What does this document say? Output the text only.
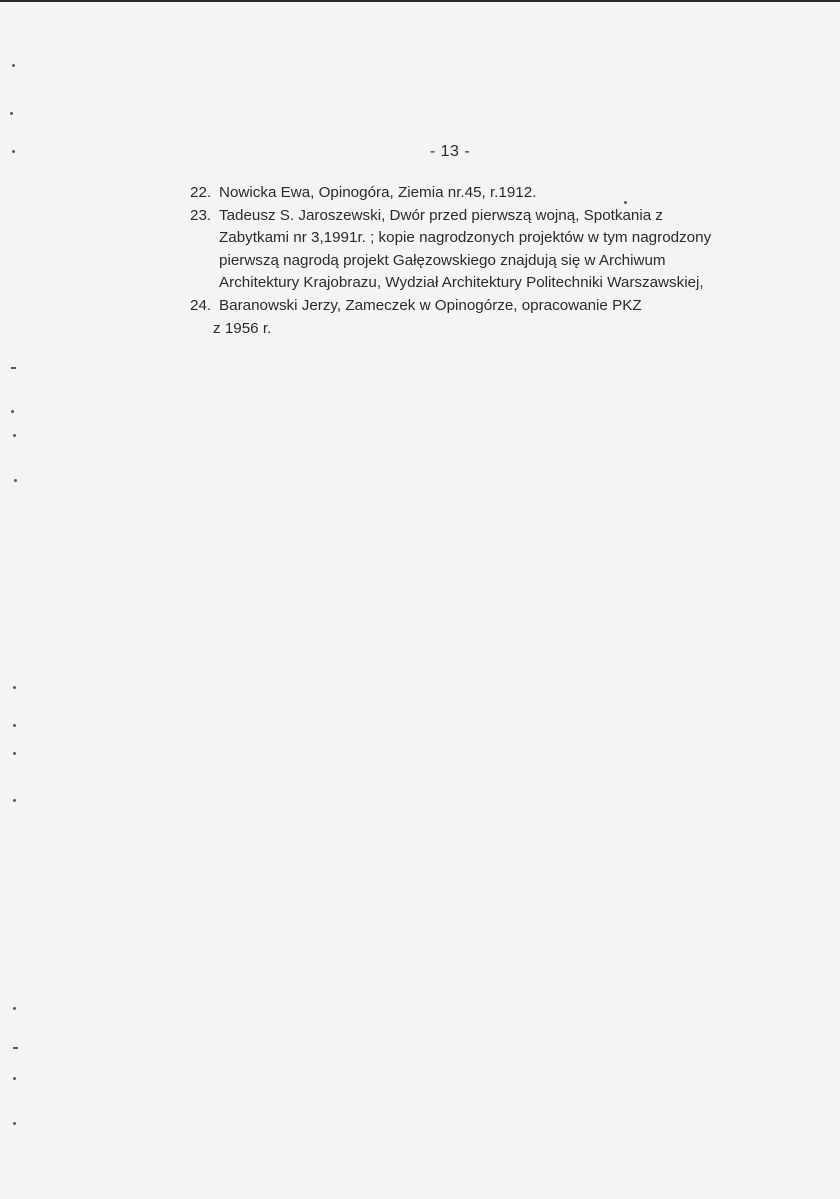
- 13 -
22. Nowicka Ewa, Opinogóra, Ziemia nr.45, r.1912.
23. Tadeusz S. Jaroszewski, Dwór przed pierwszą wojną, Spotkania z Zabytkami nr 3,1991r. ; kopie nagrodzonych projektów w tym nagrodzony pierwszą nagrodą projekt Gałęzowskiego znajdują się w Archiwum Architektury Krajobrazu, Wydział Architektury Politechniki Warszawskiej,
24. Baranowski Jerzy, Zameczek w Opinogórze, opracowanie PKZ
z 1956 r.
